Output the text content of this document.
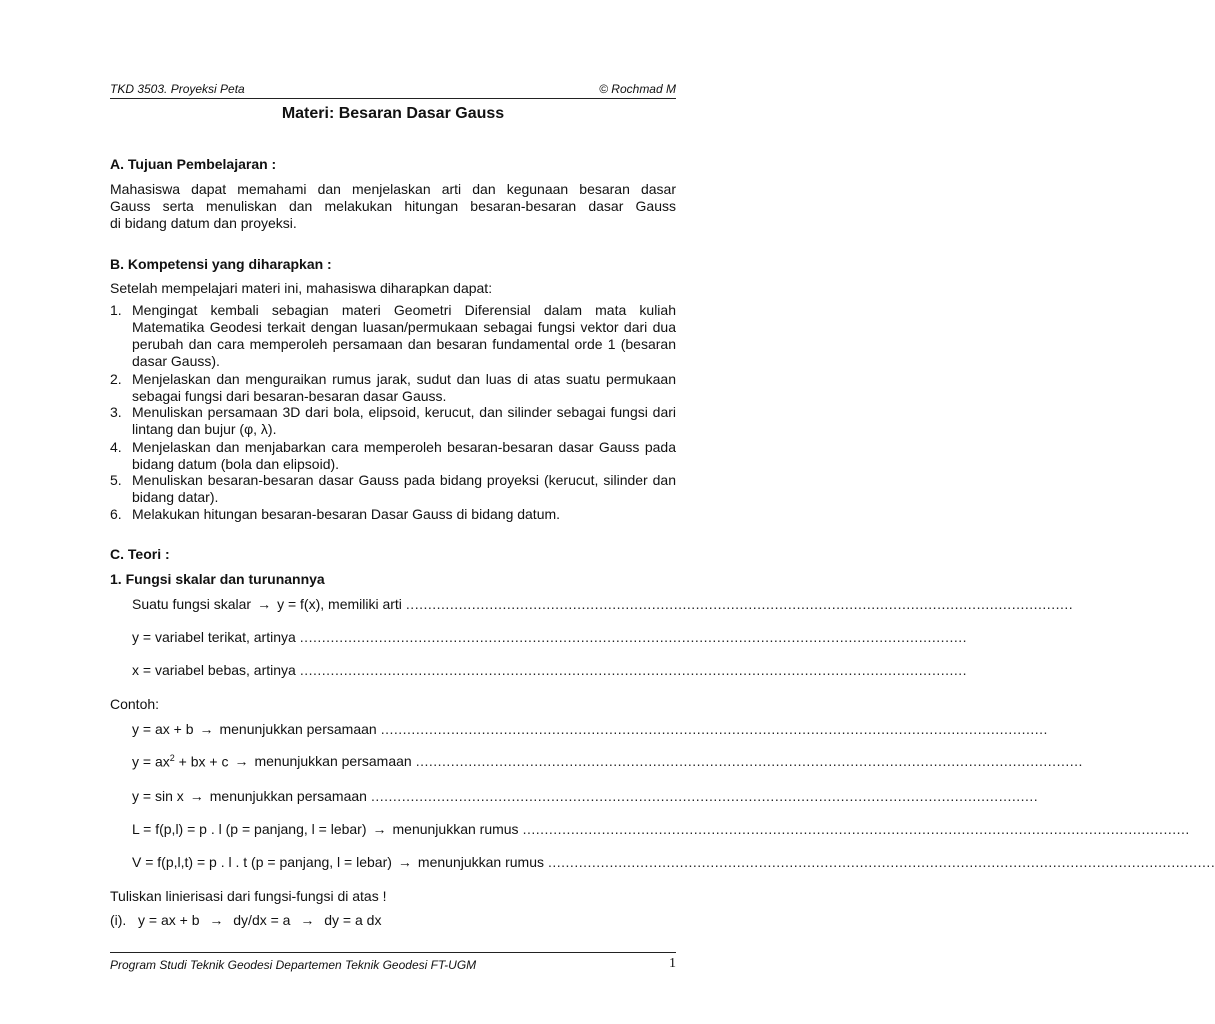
TKD 3503. Proyeksi Peta	© Rochmad M
Materi: Besaran Dasar Gauss
A. Tujuan Pembelajaran :
Mahasiswa dapat memahami dan menjelaskan arti dan kegunaan besaran dasar
Gauss serta menuliskan dan melakukan hitungan besaran-besaran dasar Gauss
di bidang datum dan proyeksi.
B. Kompetensi yang diharapkan :
Setelah mempelajari materi ini, mahasiswa diharapkan dapat:
1. Mengingat kembali sebagian materi Geometri Diferensial dalam mata kuliah Matematika Geodesi terkait dengan luasan/permukaan sebagai fungsi vektor dari dua perubah dan cara memperoleh persamaan dan besaran fundamental orde 1 (besaran dasar Gauss).
2. Menjelaskan dan menguraikan rumus jarak, sudut dan luas di atas suatu permukaan sebagai fungsi dari besaran-besaran dasar Gauss.
3. Menuliskan persamaan 3D dari bola, elipsoid, kerucut, dan silinder sebagai fungsi dari lintang dan bujur (φ, λ).
4. Menjelaskan dan menjabarkan cara memperoleh besaran-besaran dasar Gauss pada bidang datum (bola dan elipsoid).
5. Menuliskan besaran-besaran dasar Gauss pada bidang proyeksi (kerucut, silinder dan bidang datar).
6. Melakukan hitungan besaran-besaran Dasar Gauss di bidang datum.
C. Teori :
1. Fungsi skalar dan turunannya
Suatu fungsi skalar → y = f(x), memiliki arti ........................................................................................................................................................
y = variabel terikat, artinya ........................................................................................................................................................
x = variabel bebas, artinya ........................................................................................................................................................
Contoh:
y = ax + b → menunjukkan persamaan ........................................................................................................................................................
$y = ax^2$ + bx + c → menunjukkan persamaan ........................................................................................................................................................
y = sin x → menunjukkan persamaan ........................................................................................................................................................
L = f(p,l) = p . l (p = panjang, l = lebar) → menunjukkan rumus ........................................................................................................................................................
V = f(p,l,t) = p . l . t (p = panjang, l = lebar) → menunjukkan rumus ........................................................................................................................................................
Tuliskan linierisasi dari fungsi-fungsi di atas !
(i). y = ax + b → dy/dx = a → dy = a dx
Program Studi Teknik Geodesi Departemen Teknik Geodesi FT-UGM	1
